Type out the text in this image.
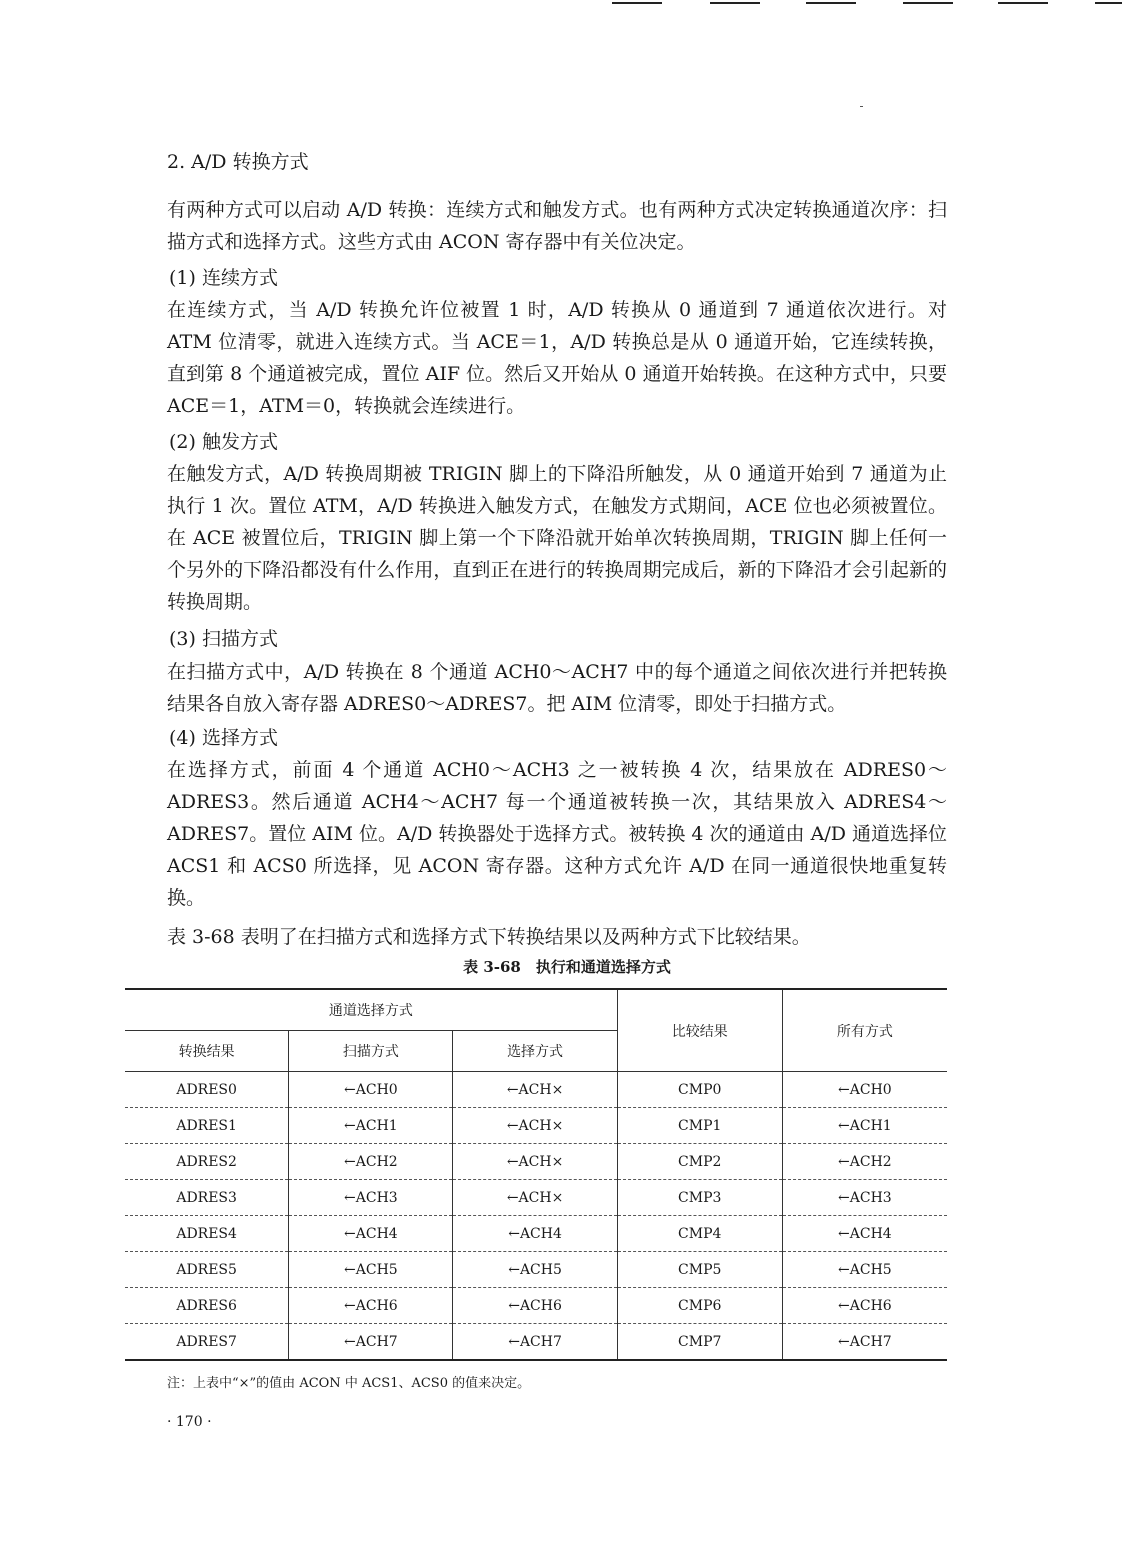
2. A/D 转换方式
有两种方式可以启动 A/D 转换：连续方式和触发方式。也有两种方式决定转换通道次序：扫描方式和选择方式。这些方式由 ACON 寄存器中有关位决定。
(1) 连续方式
在连续方式，当 A/D 转换允许位被置 1 时，A/D 转换从 0 通道到 7 通道依次进行。对 ATM 位清零，就进入连续方式。当 ACE＝1，A/D 转换总是从 0 通道开始，它连续转换，直到第 8 个通道被完成，置位 AIF 位。然后又开始从 0 通道开始转换。在这种方式中，只要 ACE＝1，ATM＝0，转换就会连续进行。
(2) 触发方式
在触发方式，A/D 转换周期被 TRIGIN 脚上的下降沿所触发，从 0 通道开始到 7 通道为止执行 1 次。置位 ATM，A/D 转换进入触发方式，在触发方式期间，ACE 位也必须被置位。在 ACE 被置位后，TRIGIN 脚上第一个下降沿就开始单次转换周期，TRIGIN 脚上任何一个另外的下降沿都没有什么作用，直到正在进行的转换周期完成后，新的下降沿才会引起新的转换周期。
(3) 扫描方式
在扫描方式中，A/D 转换在 8 个通道 ACH0～ACH7 中的每个通道之间依次进行并把转换结果各自放入寄存器 ADRES0～ADRES7。把 AIM 位清零，即处于扫描方式。
(4) 选择方式
在选择方式，前面 4 个通道 ACH0～ACH3 之一被转换 4 次，结果放在 ADRES0～ADRES3。然后通道 ACH4～ACH7 每一个通道被转换一次，其结果放入 ADRES4～ADRES7。置位 AIM 位。A/D 转换器处于选择方式。被转换 4 次的通道由 A/D 通道选择位 ACS1 和 ACS0 所选择，见 ACON 寄存器。这种方式允许 A/D 在同一通道很快地重复转换。
表 3-68 表明了在扫描方式和选择方式下转换结果以及两种方式下比较结果。
表 3-68　执行和通道选择方式
注：上表中“×”的值由 ACON 中 ACS1、ACS0 的值来决定。
· 170 ·
通道选择方式			比较结果	所有方式
转换结果	扫描方式	选择方式		
ADRES0	←ACH0	←ACH×	CMP0	←ACH0
ADRES1	←ACH1	←ACH×	CMP1	←ACH1
ADRES2	←ACH2	←ACH×	CMP2	←ACH2
ADRES3	←ACH3	←ACH×	CMP3	←ACH3
ADRES4	←ACH4	←ACH4	CMP4	←ACH4
ADRES5	←ACH5	←ACH5	CMP5	←ACH5
ADRES6	←ACH6	←ACH6	CMP6	←ACH6
ADRES7	←ACH7	←ACH7	CMP7	←ACH7
